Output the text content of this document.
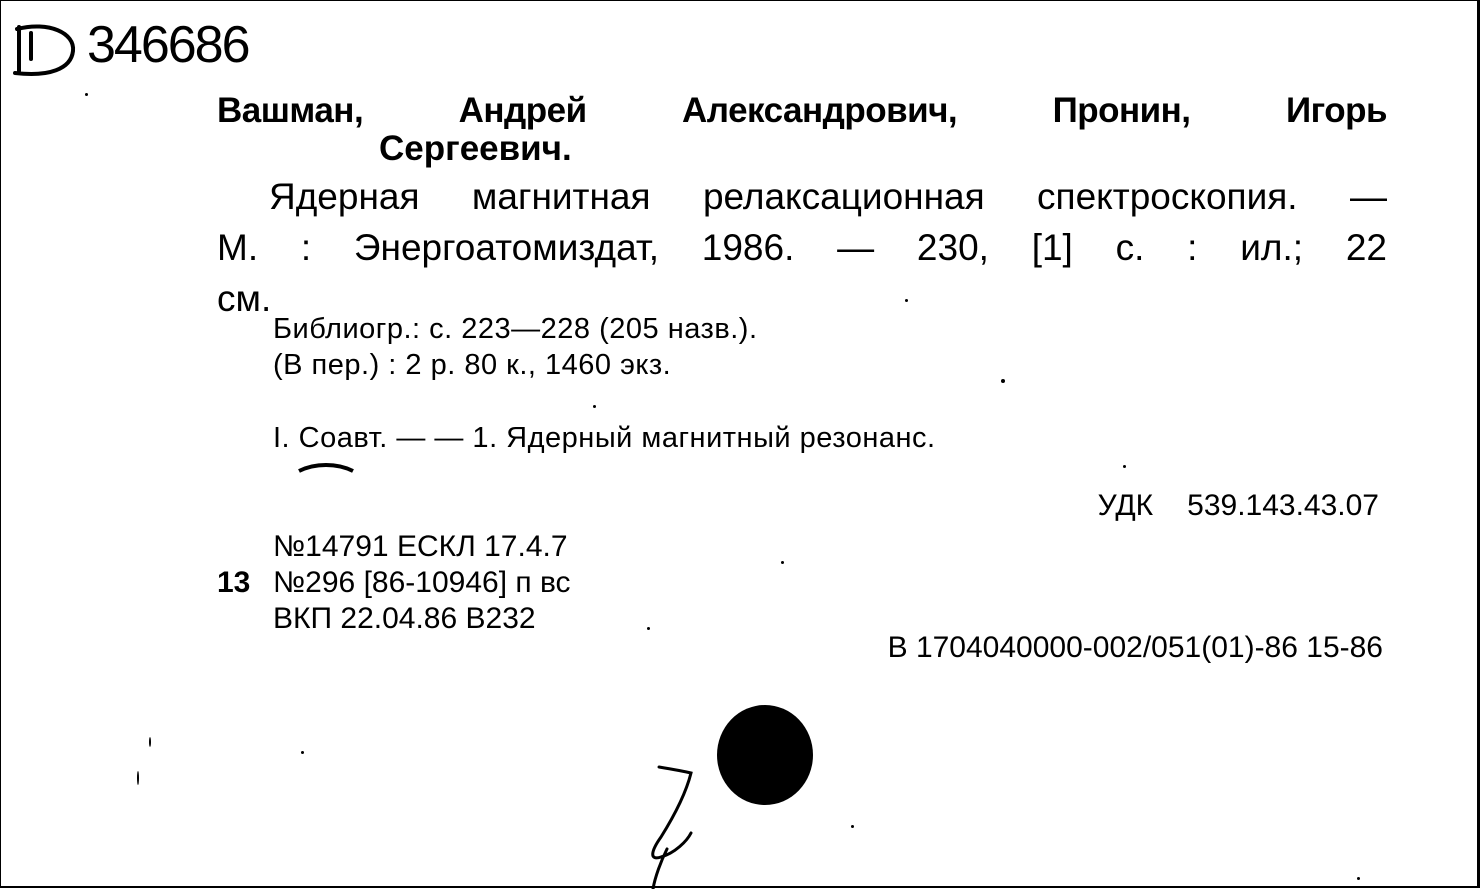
346686
Вашман, Андрей Александрович, Пронин, Игорь
Сергеевич.
Ядерная магнитная релаксационная спектроскопия. —
М. : Энергоатомиздат, 1986. — 230, [1] с. : ил.; 22
см.
Библиогр.: с. 223—228 (205 назв.).
(В пер.) : 2 р. 80 к., 1460 экз.
I. Соавт. — — 1. Ядерный магнитный резонанс.
УДК 539.143.43.07
№14791 ЕСКЛ 17.4.7
13 №296 [86-10946] п вс
ВКП 22.04.86 В232
В 1704040000-002/051(01)-86 15-86
